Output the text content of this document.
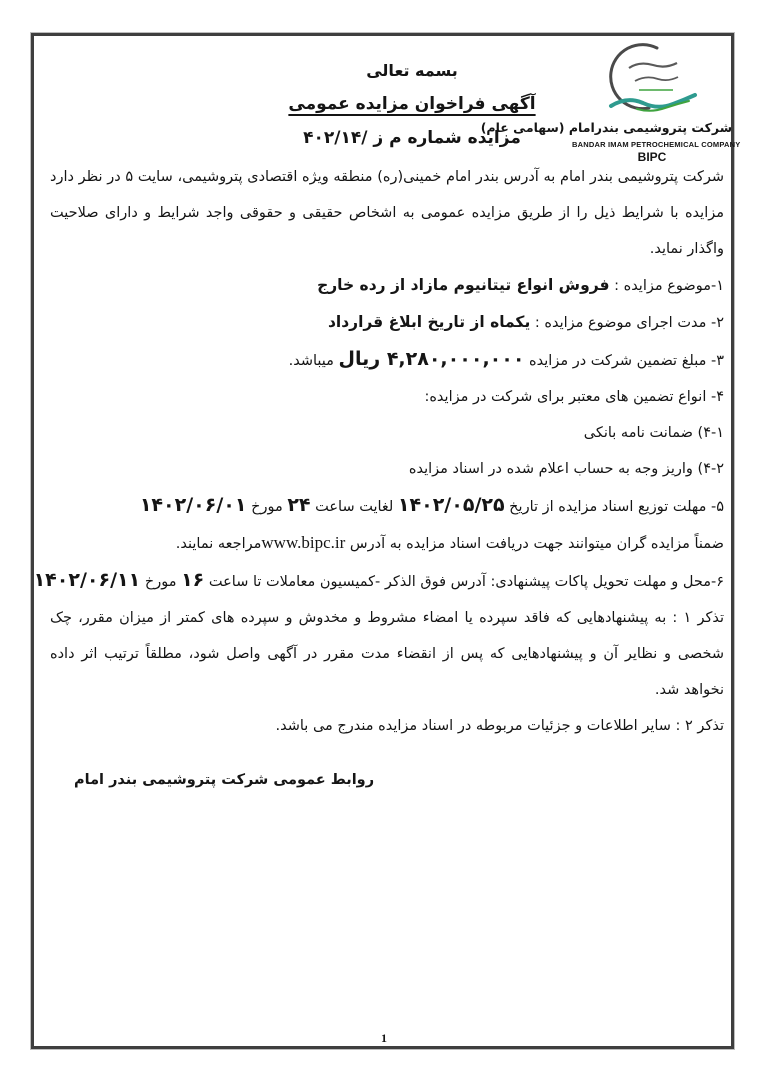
شرکت پتروشیمی بندرامام (سهامی عام)
BANDAR IMAM PETROCHEMICAL COMPANY
BIPC
بسمه تعالی
آگهی فراخوان مزایده عمومی
مزایده شماره م ز /۴۰۲/۱۴

شرکت پتروشیمی بندر امام به آدرس بندر امام خمینی(ره) منطقه ویژه اقتصادی پتروشیمی، سایت ۵ در نظر دارد مزایده با شرایط ذیل را از طریق مزایده عمومی به اشخاص حقیقی و حقوقی واجد شرایط و دارای صلاحیت واگذار نماید.

۱-موضوع مزایده : فروش انواع تیتانیوم مازاد از رده خارج
۲- مدت اجرای موضوع مزایده : یکماه از تاریخ ابلاغ قرارداد
۳- مبلغ تضمین شرکت در مزایده ۴,۲۸۰,۰۰۰,۰۰۰ ریال میباشد.
۴- انواع تضمین های معتبر برای شرکت در مزایده:
۴-۱) ضمانت نامه بانکی
۴-۲) واریز وجه به حساب اعلام شده در اسناد مزایده
۵- مهلت توزیع اسناد مزایده از تاریخ ۱۴۰۲/۰۵/۲۵ لغایت ساعت ۲۴ مورخ ۱۴۰۲/۰۶/۰۱
ضمناً مزایده گران میتوانند جهت دریافت اسناد مزایده به آدرس www.bipc.irمراجعه نمایند.
۶-محل و مهلت تحویل پاکات پیشنهادی: آدرس فوق الذکر -کمیسیون معاملات تا ساعت ۱۶ مورخ ۱۴۰۲/۰۶/۱۱

تذکر ۱ : به پیشنهادهایی که فاقد سپرده یا امضاء مشروط و مخدوش و سپرده های کمتر از میزان مقرر، چک شخصی و نظایر آن و پیشنهادهایی که پس از انقضاء مدت مقرر در آگهی واصل شود، مطلقاً ترتیب اثر داده نخواهد شد.

تذکر ۲ : سایر اطلاعات و جزئیات مربوطه در اسناد مزایده مندرج می باشد.
روابط عمومی شرکت پتروشیمی بندر امام
1
